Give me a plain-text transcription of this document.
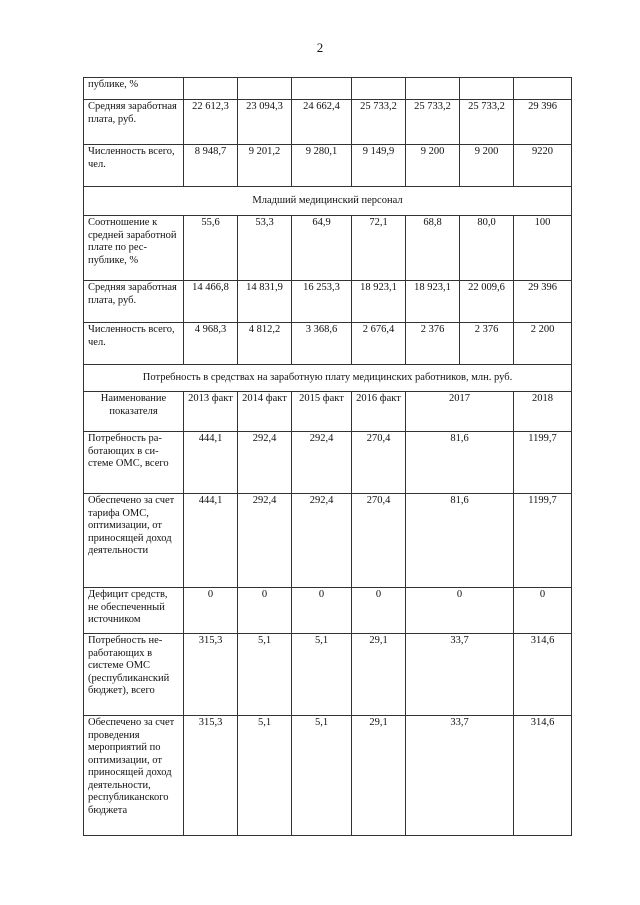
2
публике, %							
Средняя заработная плата, руб.	22 612,3	23 094,3	24 662,4	25 733,2	25 733,2	25 733,2	29 396
Численность всего, чел.	8 948,7	9 201,2	9 280,1	9 149,9	9 200	9 200	9220
Младший медицинский персонал							
Соотношение к средней заработной плате по республике, %	55,6	53,3	64,9	72,1	68,8	80,0	100
Средняя заработная плата, руб.	14 466,8	14 831,9	16 253,3	18 923,1	18 923,1	22 009,6	29 396
Численность всего, чел.	4 968,3	4 812,2	3 368,6	2 676,4	2 376	2 376	2 200
Потребность в средствах на заработную плату медицинских работников, млн. руб.							
Наименование показателя	2013 факт	2014 факт	2015 факт	2016 факт	2017		2018
Потребность работающих в системе ОМС, всего	444,1	292,4	292,4	270,4	81,6		1199,7
Обеспечено за счет тарифа ОМС, оптимизации, от приносящей доход деятельности	444,1	292,4	292,4	270,4	81,6		1199,7
Дефицит средств, не обеспеченный источником	0	0	0	0	0		0
Потребность неработающих в системе ОМС (республиканский бюджет), всего	315,3	5,1	5,1	29,1	33,7		314,6
Обеспечено за счет проведения мероприятий по оптимизации, от приносящей доход деятельности, республиканского бюджета	315,3	5,1	5,1	29,1	33,7		314,6
